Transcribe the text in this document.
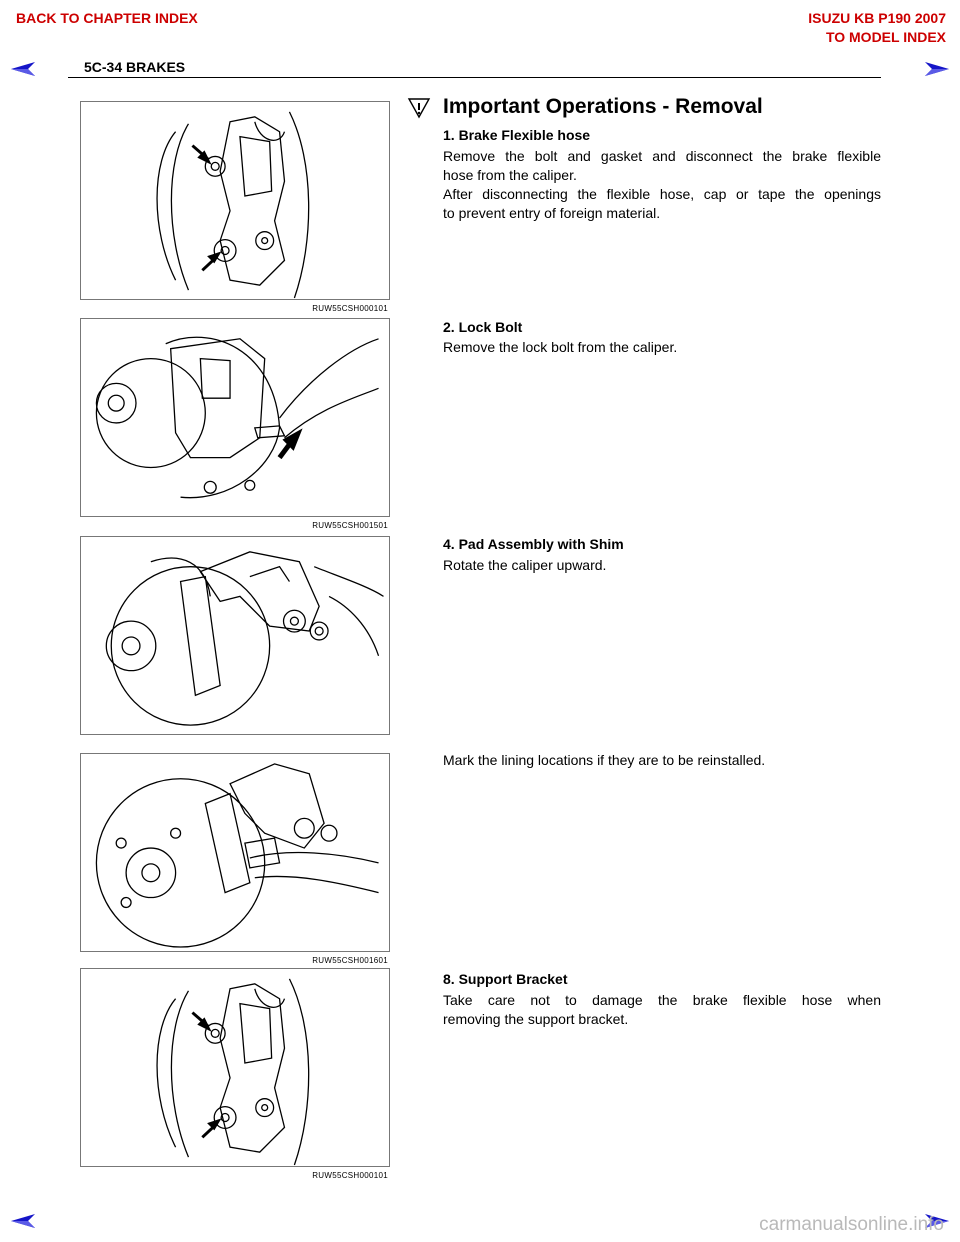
BACK TO CHAPTER INDEX	ISUZU KB P190 2007
TO MODEL INDEX
5C-34 BRAKES
RUW55CSH000101
RUW55CSH001501
RUW55CSH001601
RUW55CSH000101
Important Operations - Removal
1. Brake Flexible hose
Remove the bolt and gasket and disconnect the brake flexible
hose from the caliper.
After disconnecting the flexible hose, cap or tape the openings
to prevent entry of foreign material.
2. Lock Bolt
Remove the lock bolt from the caliper.
4. Pad Assembly with Shim
Rotate the caliper upward.
Mark the lining locations if they are to be reinstalled.
8. Support Bracket
Take care not to damage the brake flexible hose when
removing the support bracket.
carmanualsonline.info
